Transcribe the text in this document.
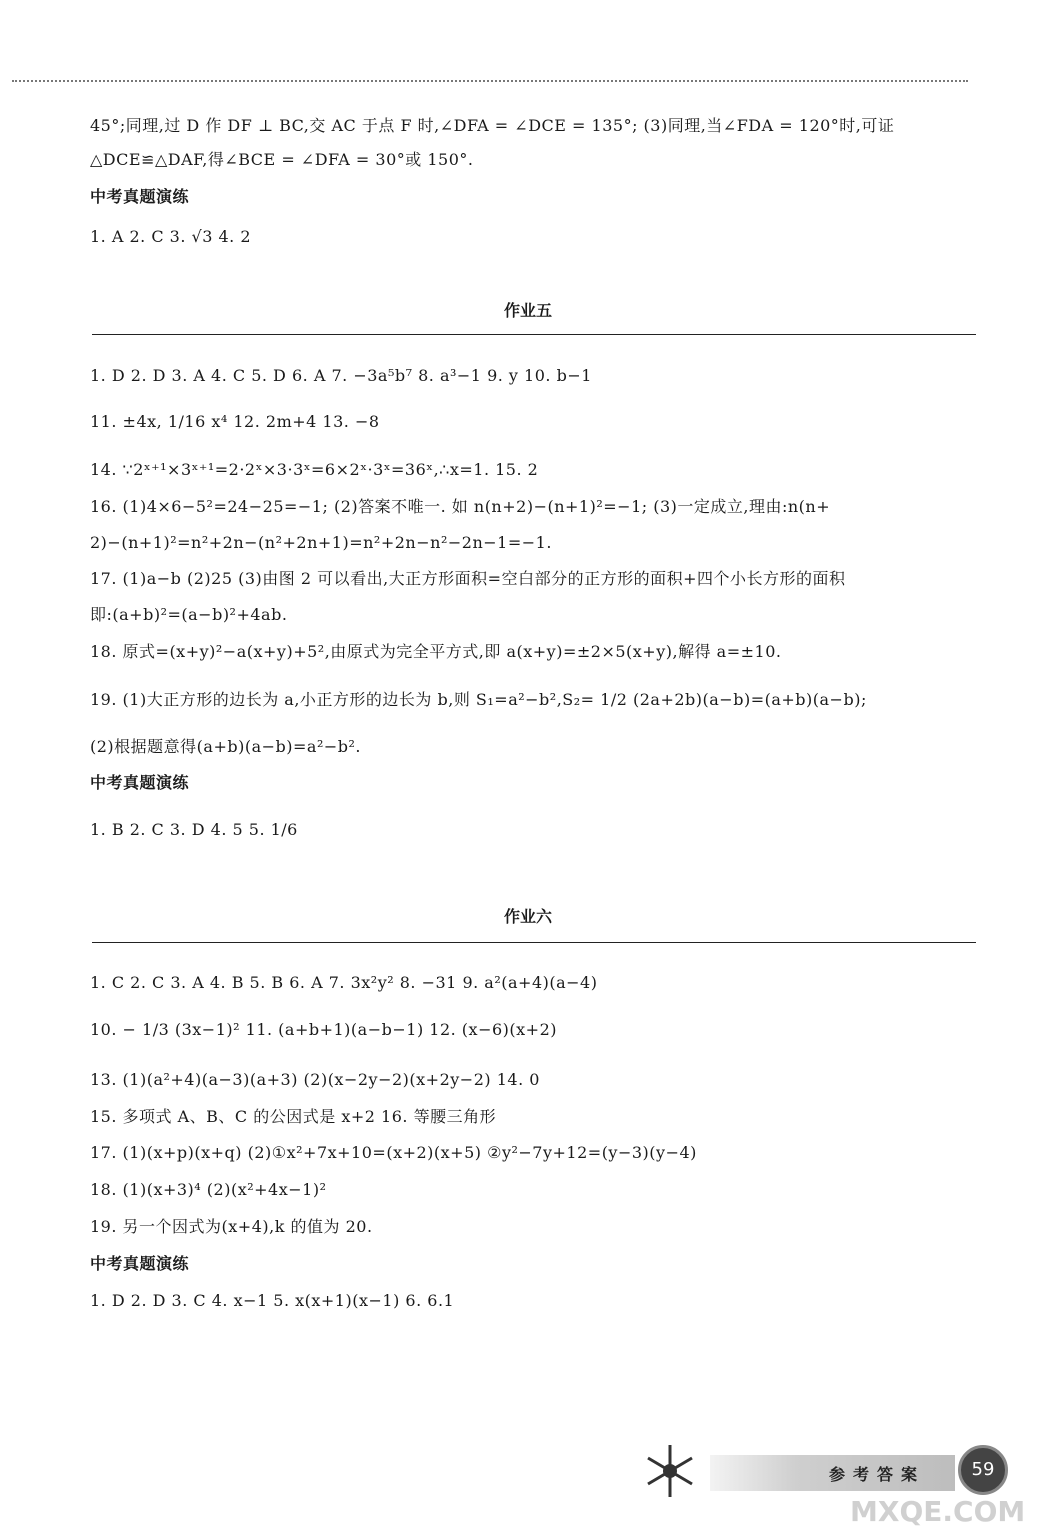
45°;同理,过 D 作 DF ⊥ BC,交 AC 于点 F 时,∠DFA = ∠DCE = 135°; (3)同理,当∠FDA = 120°时,可证
△DCE≌△DAF,得∠BCE = ∠DFA = 30°或 150°.
中考真题演练
1. A 2. C 3. √3 4. 2
作业五
1. D 2. D 3. A 4. C 5. D 6. A 7. −3a⁵b⁷ 8. a³−1 9. y 10. b−1
11. ±4x, 1/16 x⁴ 12. 2m+4 13. −8
14. ∵2ˣ⁺¹×3ˣ⁺¹=2·2ˣ×3·3ˣ=6×2ˣ·3ˣ=36ˣ,∴x=1. 15. 2
16. (1)4×6−5²=24−25=−1; (2)答案不唯一. 如 n(n+2)−(n+1)²=−1; (3)一定成立,理由:n(n+
2)−(n+1)²=n²+2n−(n²+2n+1)=n²+2n−n²−2n−1=−1.
17. (1)a−b (2)25 (3)由图 2 可以看出,大正方形面积=空白部分的正方形的面积+四个小长方形的面积
即:(a+b)²=(a−b)²+4ab.
18. 原式=(x+y)²−a(x+y)+5²,由原式为完全平方式,即 a(x+y)=±2×5(x+y),解得 a=±10.
19. (1)大正方形的边长为 a,小正方形的边长为 b,则 S₁=a²−b²,S₂= 1/2 (2a+2b)(a−b)=(a+b)(a−b);
(2)根据题意得(a+b)(a−b)=a²−b².
中考真题演练
1. B 2. C 3. D 4. 5 5. 1/6
作业六
1. C 2. C 3. A 4. B 5. B 6. A 7. 3x²y² 8. −31 9. a²(a+4)(a−4)
10. − 1/3 (3x−1)² 11. (a+b+1)(a−b−1) 12. (x−6)(x+2)
13. (1)(a²+4)(a−3)(a+3) (2)(x−2y−2)(x+2y−2) 14. 0
15. 多项式 A、B、C 的公因式是 x+2 16. 等腰三角形
17. (1)(x+p)(x+q) (2)①x²+7x+10=(x+2)(x+5) ②y²−7y+12=(y−3)(y−4)
18. (1)(x+3)⁴ (2)(x²+4x−1)²
19. 另一个因式为(x+4),k 的值为 20.
中考真题演练
1. D 2. D 3. C 4. x−1 5. x(x+1)(x−1) 6. 6.1
参考答案	59
MXQE.COM
